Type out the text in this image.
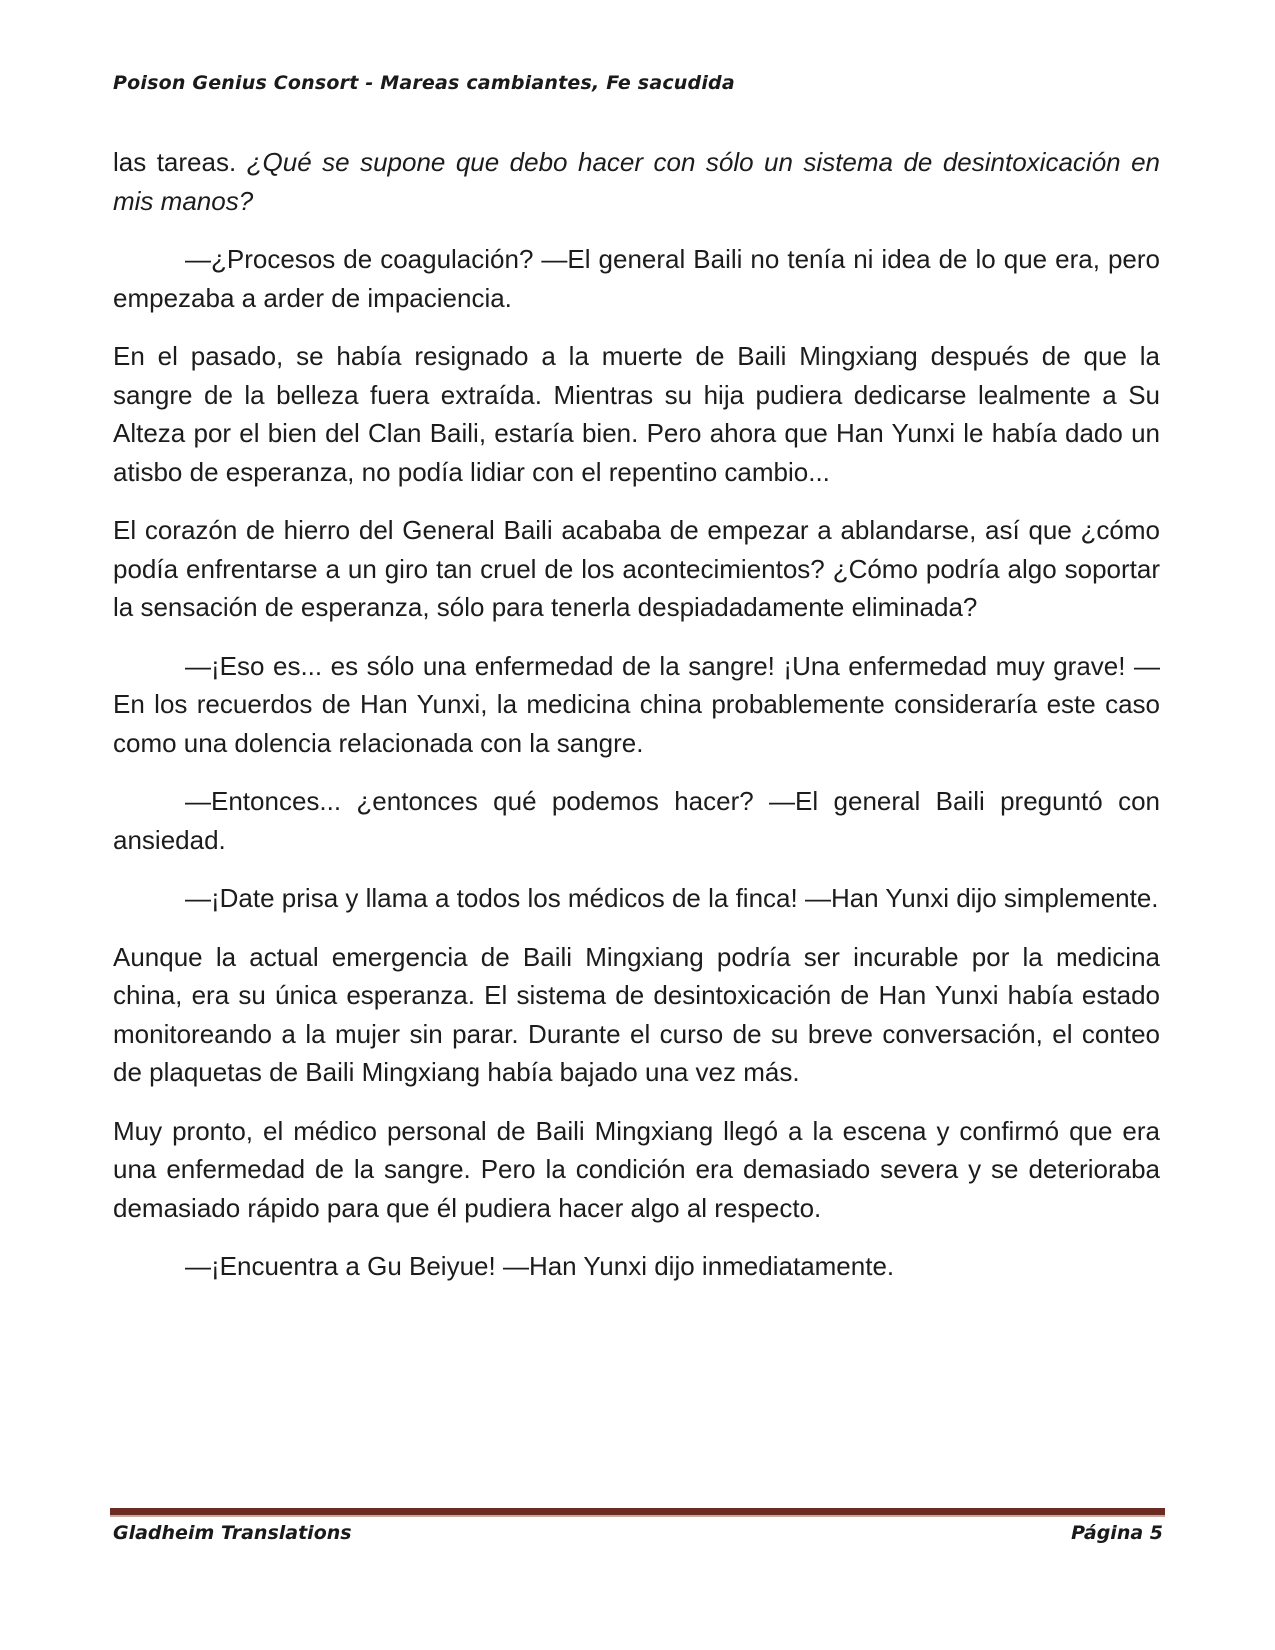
Poison Genius Consort - Mareas cambiantes, Fe sacudida

las tareas. ¿Qué se supone que debo hacer con sólo un sistema de desintoxicación en mis manos?

—¿Procesos de coagulación? —El general Baili no tenía ni idea de lo que era, pero empezaba a arder de impaciencia.

En el pasado, se había resignado a la muerte de Baili Mingxiang después de que la sangre de la belleza fuera extraída. Mientras su hija pudiera dedicarse lealmente a Su Alteza por el bien del Clan Baili, estaría bien. Pero ahora que Han Yunxi le había dado un atisbo de esperanza, no podía lidiar con el repentino cambio...

El corazón de hierro del General Baili acababa de empezar a ablandarse, así que ¿cómo podía enfrentarse a un giro tan cruel de los acontecimientos? ¿Cómo podría algo soportar la sensación de esperanza, sólo para tenerla despiadadamente eliminada?

—¡Eso es... es sólo una enfermedad de la sangre! ¡Una enfermedad muy grave! —En los recuerdos de Han Yunxi, la medicina china probablemente consideraría este caso como una dolencia relacionada con la sangre.

—Entonces... ¿entonces qué podemos hacer? —El general Baili preguntó con ansiedad.

—¡Date prisa y llama a todos los médicos de la finca! —Han Yunxi dijo simplemente.

Aunque la actual emergencia de Baili Mingxiang podría ser incurable por la medicina china, era su única esperanza. El sistema de desintoxicación de Han Yunxi había estado monitoreando a la mujer sin parar. Durante el curso de su breve conversación, el conteo de plaquetas de Baili Mingxiang había bajado una vez más.

Muy pronto, el médico personal de Baili Mingxiang llegó a la escena y confirmó que era una enfermedad de la sangre. Pero la condición era demasiado severa y se deterioraba demasiado rápido para que él pudiera hacer algo al respecto.

—¡Encuentra a Gu Beiyue! —Han Yunxi dijo inmediatamente.

Gladheim Translations	Página 5
